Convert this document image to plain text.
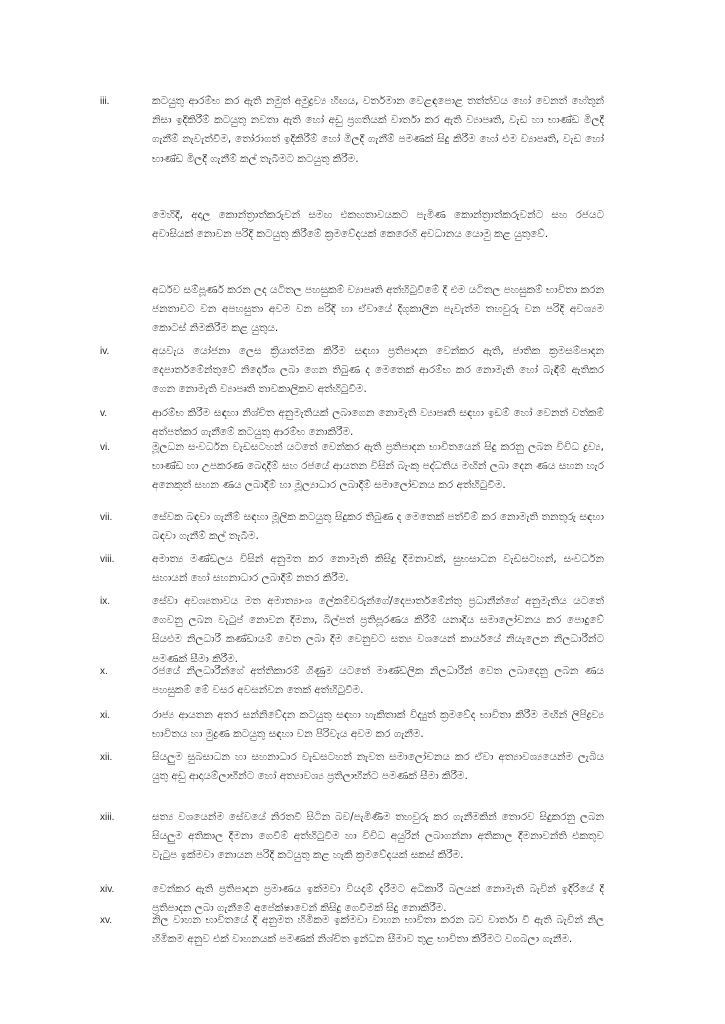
iii.	කටයුතු ආරම්භ කර ඇති නමුත් අමුද්‍රව්‍ය හිඟය, වර්තමාන වෙළඳපොළ තත්ත්වය හෝ වෙනත් හේතූන් නිසා ඉදිකිරීම් කටයුතු නවතා ඇති හෝ අඩු ප්‍රගතියක් වාර්තා කර ඇති ව්‍යාපෘති, වැඩ හා භාණ්ඩ මිලදී ගැනීම් නැවැත්වීම, තෝරාගත් ඉදිකිරීම් හෝ මිලදී ගැනීම් පමණක් සිදු කිරීම හෝ එම ව්‍යාපෘති, වැඩ හෝ භාණ්ඩ මිලදී ගැනීම් කල් තැබීමට කටයුතු කිරීම.
මෙහිදී, අදාල කොන්ත්‍රාත්කරුවන් සමඟ එකඟතාවයකට පැමිණ කොන්ත්‍රාත්කරුවන්ට සහ රජයට අවාසියක් නොවන පරිදි කටයුතු කිරීමේ ක්‍රමවේදයක් කෙරෙහි අවධානය යොමු කළ යුතුවේ.
අර්ධව සම්පූර්ණ කරන ලද යටිතල පහසුකම් ව්‍යාපෘති අත්හිටුවීමේ දී එම යටිතල පහසුකම් භාවිතා කරන ජනතාවට වන අපහසුතා අවම වන පරිදි හා ඒවායේ දිගුකාලීන පැවැත්ම තහවුරු වන පරිදි අවශ්‍යම කොටස් නිමකිරීම කළ යුතුය.
iv.	අයවැය යෝජනා ලෙස ක්‍රියාත්මක කිරීම සඳහා ප්‍රතිපාදන වෙන්කර ඇති, ජාතික ක්‍රමසම්පාදන දෙපාර්තමේන්තුවේ නිර්දේශ ලබා ගෙන තිබුණ ද මෙතෙක් ආරම්භ කර නොමැති හෝ බැඳීම් ඇතිකර ගෙන නොමැති ව්‍යාපෘති තාවකාලිකව අත්හිටුවීම.
v.	ආරම්භ කිරීම සඳහා නිශ්චිත අනුමැතියක් ලබාගෙන නොමැති ව්‍යාපෘති සඳහා ඉඩම් හෝ වෙනත් වත්කම් අත්පත්කර ගැනීමේ කටයුතු ආරම්භ නොකිරීම.
vi.	මූලධන සංවර්ධන වැඩසටහන් යටතේ වෙන්කර ඇති ප්‍රතිපාදන භාවිතයෙන් සිදු කරනු ලබන විවිධ ද්‍රව්‍ය, භාණ්ඩ හා උපකරණ බෙදාදීම් සහ රජයේ ආයතන විසින් බැංකු පද්ධතිය මඟින් ලබා දෙන ණය සහන හැර අනෙකුත් සහන ණය ලබාදීම් හා මූල්‍යාධාර ලබාදීම් සමාලෝචනය කර අත්හිටුවීම.
vii.	සේවක බඳවා ගැනීම් සඳහා මූලික කටයුතු සිදුකර තිබුණ ද මෙතෙක් පත්වීම් කර නොමැති තනතුරු සඳහා බඳවා ගැනීම් කල් තැබීම.
viii.	අමාත්‍ය මණ්ඩලය විසින් අනුමත කර නොමැති කිසිදු දීමනාවක්, සුභසාධන වැඩසටහන්, සංවර්ධන සහායන් හෝ සහනාධාර ලබාදීම් නතර කිරීම.
ix.	සේවා අවශ්‍යතාවය මත අමාත්‍යාංශ ලේකම්වරුන්ගේ/දෙපාර්තමේන්තු ප්‍රධානීන්ගේ අනුමැතිය යටතේ ගෙවනු ලබන වැටුප් නොවන දීමනා, බිල්පත් ප්‍රතිපූරණය කිරීම් යනාදිය සමාලෝචනය කර පොදුවේ සියළුම නිලධාරී කණ්ඩායම් වෙත ලබා දීම වෙනුවට සත්‍ය වශයෙන් කාර්යයේ නියැලෙන නිලධාරීන්ට පමණක් සීමා කිරීම.
x.	රජයේ නිලධාරීන්ගේ අත්තිකාරම් ගිණුම යටතේ මාණ්ඩලික නිලධාරීන් වෙත ලබාදෙනු ලබන ණය පහසුකම් මේ වසර අවසන්වන තෙක් අත්හිටුවීම.
xi.	රාජ්‍ය ආයතන අතර සන්නිවේදන කටයුතු සඳහා හැකිතාක් විද්‍යුත් ක්‍රමවේද භාවිතා කිරීම මඟින් ලිපිද්‍රව්‍ය භාවිතය හා මුද්‍රණ කටයුතු සඳහා වන පිරිවැය අවම කර ගැනීම.
xii.	සියලුම සුබසාධන හා සහනාධාර වැඩසටහන් නැවත සමාලෝචනය කර ඒවා අත්‍යාවශ්‍යයෙන්ම ලැබිය යුතු අඩු ආදායම්ලාභීන්ට හෝ අත්‍යාවශ්‍ය ප්‍රතිලාභීන්ට පමණක් සීමා කිරීම.
xiii.	සත්‍ය වශයෙන්ම සේවයේ නිරතවී සිටින බව/පැමිණීම තහවුරු කර ගැනීමකින් තොරව සිදුකරනු ලබන සියලුම අතිකාල දීමනා ගෙවීම් අත්හිටුවීම හා විවිධ අයුරින් ලබාගන්නා අතිකාල දීමනාවන්ති එකතුව වැටුප ඉක්මවා නොයන පරිදි කටයුතු කළ හැකි ක්‍රමවේදයක් සකස් කිරීම.
xiv.	වෙන්කර ඇති ප්‍රතිපාදන ප්‍රමාණය ඉක්මවා වියදම් දැරීමට අධිකාරී බලයක් නොමැති බැවින් ඉදිරියේ දී ප්‍රතිපාදන ලබා ගැනීමේ අපේක්ෂාවෙන් කිසිදු ගෙවීමක් සිදු නොකිරීම.
xv.	නිල වාහන භාවිතයේ දී අනුමත හිමිකම ඉක්මවා වාහන භාවිතා කරන බව වාර්තා වී ඇති බැවින් නිල හිමිකම අනුව එක් වාහනයක් පමණක් නිශ්චිත ඉන්ධන සීමාව තුළ භාවිතා කිරීමට වගබලා ගැනීම.
